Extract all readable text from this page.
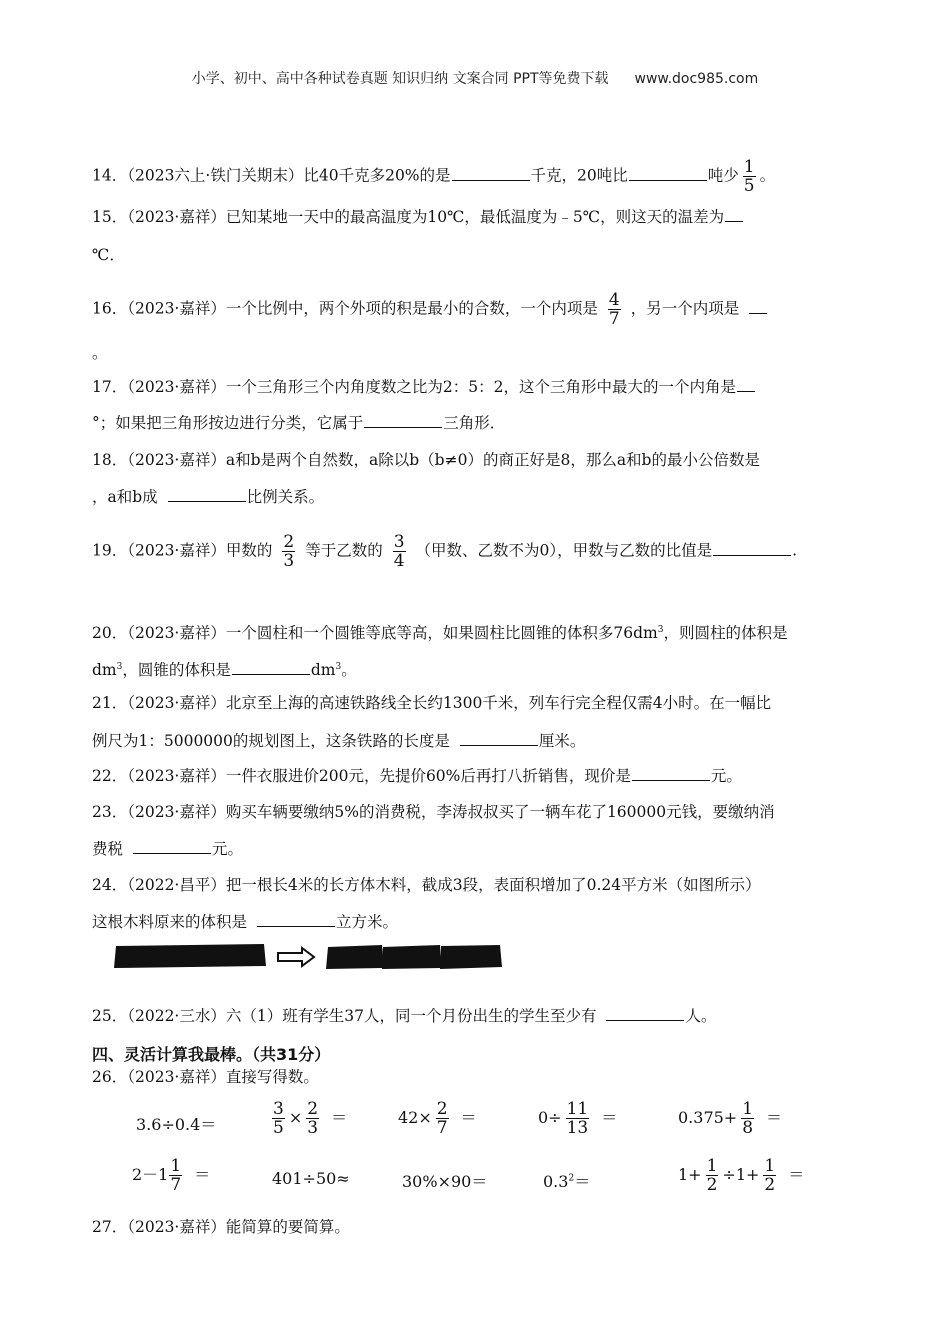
小学、初中、高中各种试卷真题 知识归纳 文案合同 PPT等免费下载 www.doc985.com
14．（2023六上·铁门关期末）比40千克多20%的是	千克，20吨比	吨少 $\frac{1}{5}$ 。
15．（2023·嘉祥）已知某地一天中的最高温度为10℃，最低温度为﹣5℃，则这天的温差为
℃．
16．（2023·嘉祥）一个比例中，两个外项的积是最小的合数，一个内项是 $\frac{4}{7}$ ，另一个内项是
。
17．（2023·嘉祥）一个三角形三个内角度数之比为2：5：2，这个三角形中最大的一个内角是
°；如果把三角形按边进行分类，它属于	三角形．
18．（2023·嘉祥）a和b是两个自然数，a除以b（b≠0）的商正好是8，那么a和b的最小公倍数是
，a和b成	比例关系。
19．（2023·嘉祥）甲数的 $\frac{2}{3}$ 等于乙数的 $\frac{3}{4}$ （甲数、乙数不为0），甲数与乙数的比值是	.
20．（2023·嘉祥）一个圆柱和一个圆锥等底等高，如果圆柱比圆锥的体积多$76dm^3$，则圆柱的体积是
$dm^3$，圆锥的体积是	$dm^3$。
21．（2023·嘉祥）北京至上海的高速铁路线全长约1300千米，列车行完全程仅需4小时。在一幅比
例尺为1：5000000的规划图上，这条铁路的长度是	厘米。
22．（2023·嘉祥）一件衣服进价200元，先提价60%后再打八折销售，现价是	元。
23．（2023·嘉祥）购买车辆要缴纳5%的消费税，李涛叔叔买了一辆车花了160000元钱，要缴纳消
费税	元。
24．（2022·昌平）把一根长4米的长方体木料，截成3段，表面积增加了0.24平方米（如图所示）
这根木料原来的体积是	立方米。
25．（2022·三水）六（1）班有学生37人，同一个月份出生的学生至少有	人。
四、灵活计算我最棒。（共31分）
26．（2023·嘉祥）直接写得数。
3.6÷0.4＝	$\frac{3}{5} \times \frac{2}{3}$ ＝	$42\times \frac{2}{7}$ ＝	$0\div \frac{11}{13}$ ＝	$0.375+ \frac{1}{8}$ ＝
$2-1 \frac{1}{7}$ ＝	401÷50≈	30%×90＝	$0.3^2=$	$1+ \frac{1}{2} \div 1+ \frac{1}{2}$ ＝
27．（2023·嘉祥）能简算的要简算。
